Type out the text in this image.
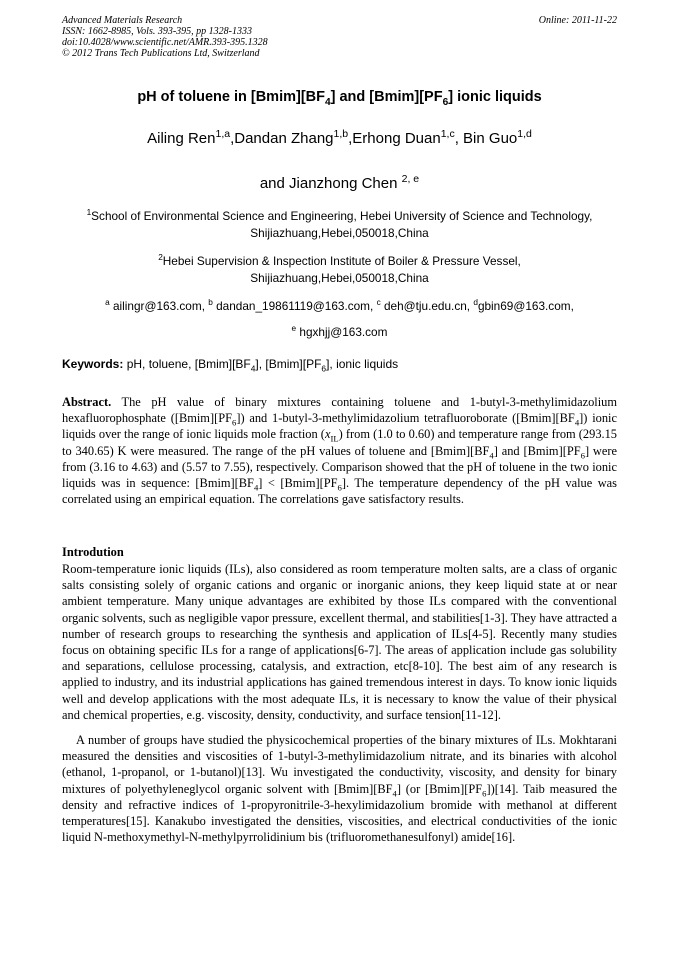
Advanced Materials Research
ISSN: 1662-8985, Vols. 393-395, pp 1328-1333
doi:10.4028/www.scientific.net/AMR.393-395.1328
© 2012 Trans Tech Publications Ltd, Switzerland
Online: 2011-11-22
pH of toluene in $[Bmim][BF_4]$ and $[Bmim][PF_6]$ ionic liquids
Ailing Ren$^{1,a}$,Dandan Zhang$^{1,b}$,Erhong Duan$^{1,c}$, Bin Guo$^{1,d}$
and Jianzhong Chen $^{2, e}$
$^1$School of Environmental Science and Engineering, Hebei University of Science and Technology,
Shijiazhuang,Hebei,050018,China
$^2$Hebei Supervision & Inspection Institute of Boiler & Pressure Vessel,
Shijiazhuang,Hebei,050018,China
$^a$ ailingr@163.com, $^b$ dandan_19861119@163.com, $^c$ deh@tju.edu.cn, $^d$gbin69@163.com,
$^e$ hgxhjj@163.com
Keywords: pH, toluene, $[Bmim][BF_4]$, $[Bmim][PF_6]$, ionic liquids

Abstract. The pH value of binary mixtures containing toluene and 1-butyl-3-methylimidazolium hexafluorophosphate $([Bmim][PF_6])$ and 1-butyl-3-methylimidazolium tetrafluoroborate $([Bmim][BF_4])$ ionic liquids over the range of ionic liquids mole fraction $(x_{IL})$ from (1.0 to 0.60) and temperature range from (293.15 to 340.65) K were measured. The range of the pH values of toluene and $[Bmim][BF_4]$ and $[Bmim][PF_6]$ were from (3.16 to 4.63) and (5.57 to 7.55), respectively. Comparison showed that the pH of toluene in the two ionic liquids was in sequence: $[Bmim][BF_4]$ < $[Bmim][PF_6]$. The temperature dependency of the pH value was correlated using an empirical equation. The correlations gave satisfactory results.

Introdution

Room-temperature ionic liquids (ILs), also considered as room temperature molten salts, are a class of organic salts consisting solely of organic cations and organic or inorganic anions, they keep liquid state at or near ambient temperature. Many unique advantages are exhibited by those ILs compared with the conventional organic solvents, such as negligible vapor pressure, excellent thermal, and stabilities[1-3]. They have attracted a number of research groups to researching the synthesis and application of ILs[4-5]. Recently many studies focus on obtaining specific ILs for a range of applications[6-7]. The areas of application include gas solubility and separations, cellulose processing, catalysis, and extraction, etc[8-10]. The best aim of any research is applied to industry, and its industrial applications has gained tremendous interest in days. To know ionic liquids well and develop applications with the most adequate ILs, it is necessary to know the value of their physical and chemical properties, e.g. viscosity, density, conductivity, and surface tension[11-12].

A number of groups have studied the physicochemical properties of the binary mixtures of ILs. Mokhtarani measured the densities and viscosities of 1-butyl-3-methylimidazolium nitrate, and its binaries with alcohol (ethanol, 1-propanol, or 1-butanol)[13]. Wu investigated the conductivity, viscosity, and density for binary mixtures of polyethyleneglycol organic solvent with $[Bmim][BF_4]$ (or $[Bmim][PF_6])[14]$. Taib measured the density and refractive indices of 1-propyronitrile-3-hexylimidazolium bromide with methanol at different temperatures[15]. Kanakubo investigated the densities, viscosities, and electrical conductivities of the ionic liquid N-methoxymethyl-N-methylpyrrolidinium bis (trifluoromethanesulfonyl) amide[16].
